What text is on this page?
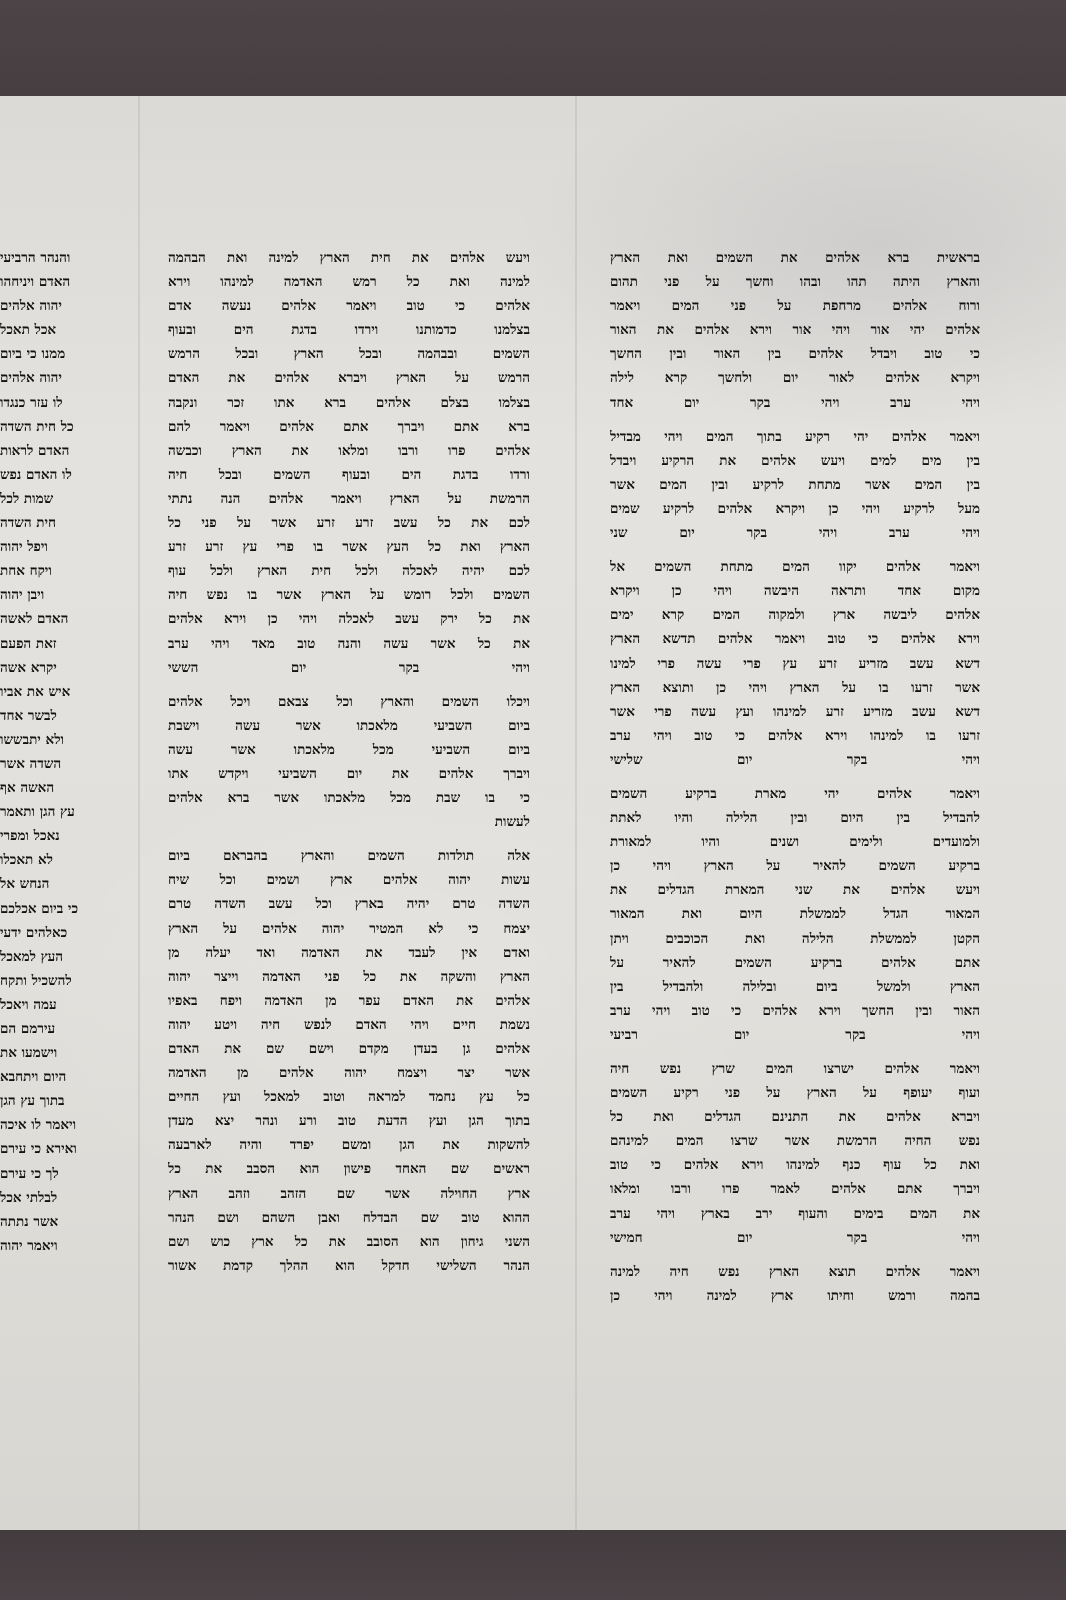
בראשית ברא אלהים את השמים ואת הארץ
והארץ היתה תהו ובהו וחשך על פני תהום
ורוח אלהים מרחפת על פני המים ויאמר
אלהים יהי אור ויהי אור וירא אלהים את האור
כי טוב ויבדל אלהים בין האור ובין החשך
ויקרא אלהים לאור יום ולחשך קרא לילה
ויהי ערב ויהי בקר יום אחד
ויאמר אלהים יהי רקיע בתוך המים ויהי מבדיל
בין מים למים ויעש אלהים את הרקיע ויבדל
בין המים אשר מתחת לרקיע ובין המים אשר
מעל לרקיע ויהי כן ויקרא אלהים לרקיע שמים
ויהי ערב ויהי בקר יום שני
ויאמר אלהים יקוו המים מתחת השמים אל
מקום אחד ותראה היבשה ויהי כן ויקרא
אלהים ליבשה ארץ ולמקוה המים קרא ימים
וירא אלהים כי טוב ויאמר אלהים תדשא הארץ
דשא עשב מזריע זרע עץ פרי עשה פרי למינו
אשר זרעו בו על הארץ ויהי כן ותוצא הארץ
דשא עשב מזריע זרע למינהו ועץ עשה פרי אשר
זרעו בו למינהו וירא אלהים כי טוב ויהי ערב
ויהי בקר יום שלישי
ויאמר אלהים יהי מארת ברקיע השמים
להבדיל בין היום ובין הלילה והיו לאתת
ולמועדים ולימים ושנים והיו למאורת
ברקיע השמים להאיר על הארץ ויהי כן
ויעש אלהים את שני המארת הגדלים את
המאור הגדל לממשלת היום ואת המאור
הקטן לממשלת הלילה ואת הכוכבים ויתן
אתם אלהים ברקיע השמים להאיר על
הארץ ולמשל ביום ובלילה ולהבדיל בין
האור ובין החשך וירא אלהים כי טוב ויהי ערב
ויהי בקר יום רביעי
ויאמר אלהים ישרצו המים שרץ נפש חיה
ועוף יעופף על הארץ על פני רקיע השמים
ויברא אלהים את התנינם הגדלים ואת כל
נפש החיה הרמשת אשר שרצו המים למינהם
ואת כל עוף כנף למינהו וירא אלהים כי טוב
ויברך אתם אלהים לאמר פרו ורבו ומלאו
את המים בימים והעוף ירב בארץ ויהי ערב
ויהי בקר יום חמישי
ויאמר אלהים תוצא הארץ נפש חיה למינה
בהמה ורמש וחיתו ארץ למינה ויהי כן
ויעש אלהים את חית הארץ למינה ואת הבהמה
למינה ואת כל רמש האדמה למינהו וירא
אלהים כי טוב ויאמר אלהים נעשה אדם
בצלמנו כדמותנו וירדו בדגת הים ובעוף
השמים ובבהמה ובכל הארץ ובכל הרמש
הרמש על הארץ ויברא אלהים את האדם
בצלמו בצלם אלהים ברא אתו זכר ונקבה
ברא אתם ויברך אתם אלהים ויאמר להם
אלהים פרו ורבו ומלאו את הארץ וכבשה
ורדו בדגת הים ובעוף השמים ובכל חיה
הרמשת על הארץ ויאמר אלהים הנה נתתי
לכם את כל עשב זרע זרע אשר על פני כל
הארץ ואת כל העץ אשר בו פרי עץ זרע זרע
לכם יהיה לאכלה ולכל חית הארץ ולכל עוף
השמים ולכל רומש על הארץ אשר בו נפש חיה
את כל ירק עשב לאכלה ויהי כן וירא אלהים
את כל אשר עשה והנה טוב מאד ויהי ערב
ויהי בקר יום הששי
ויכלו השמים והארץ וכל צבאם ויכל אלהים
ביום השביעי מלאכתו אשר עשה וישבת
ביום השביעי מכל מלאכתו אשר עשה
ויברך אלהים את יום השביעי ויקדש אתו
כי בו שבת מכל מלאכתו אשר ברא אלהים
לעשות
אלה תולדות השמים והארץ בהבראם ביום
עשות יהוה אלהים ארץ ושמים וכל שיח
השדה טרם יהיה בארץ וכל עשב השדה טרם
יצמח כי לא המטיר יהוה אלהים על הארץ
ואדם אין לעבד את האדמה ואד יעלה מן
הארץ והשקה את כל פני האדמה וייצר יהוה
אלהים את האדם עפר מן האדמה ויפח באפיו
נשמת חיים ויהי האדם לנפש חיה ויטע יהוה
אלהים גן בעדן מקדם וישם שם את האדם
אשר יצר ויצמח יהוה אלהים מן האדמה
כל עץ נחמד למראה וטוב למאכל ועץ החיים
בתוך הגן ועץ הדעת טוב ורע ונהר יצא מעדן
להשקות את הגן ומשם יפרד והיה לארבעה
ראשים שם האחד פישון הוא הסבב את כל
ארץ החוילה אשר שם הזהב וזהב הארץ
ההוא טוב שם הבדלח ואבן השהם ושם הנהר
השני גיחון הוא הסובב את כל ארץ כוש ושם
הנהר השלישי חדקל הוא ההלך קדמת אשור
והנהר הרביעי
האדם ויניחהו
יהוה אלהים
אכל תאכל
ממנו כי ביום
יהוה אלהים
לו עזר כנגדו
כל חית השדה
האדם לראות
לו האדם נפש
שמות לכל
חית השדה
ויפל יהוה
ויקח אחת
ויבן יהוה
האדם לאשה
זאת הפעם
יקרא אשה
איש את אביו
לבשר אחד
ולא יתבששו
השדה אשר
האשה אף
עץ הגן ותאמר
נאכל ומפרי
לא תאכלו
הנחש אל
כי ביום אכלכם
כאלהים ידעי
העץ למאכל
להשכיל ותקח
עמה ויאכל
עירמם הם
וישמעו את
היום ויתחבא
בתוך עץ הגן
ויאמר לו איכה
ואירא כי עירם
לך כי עירם
לבלתי אכל
אשר נתתה
ויאמר יהוה
